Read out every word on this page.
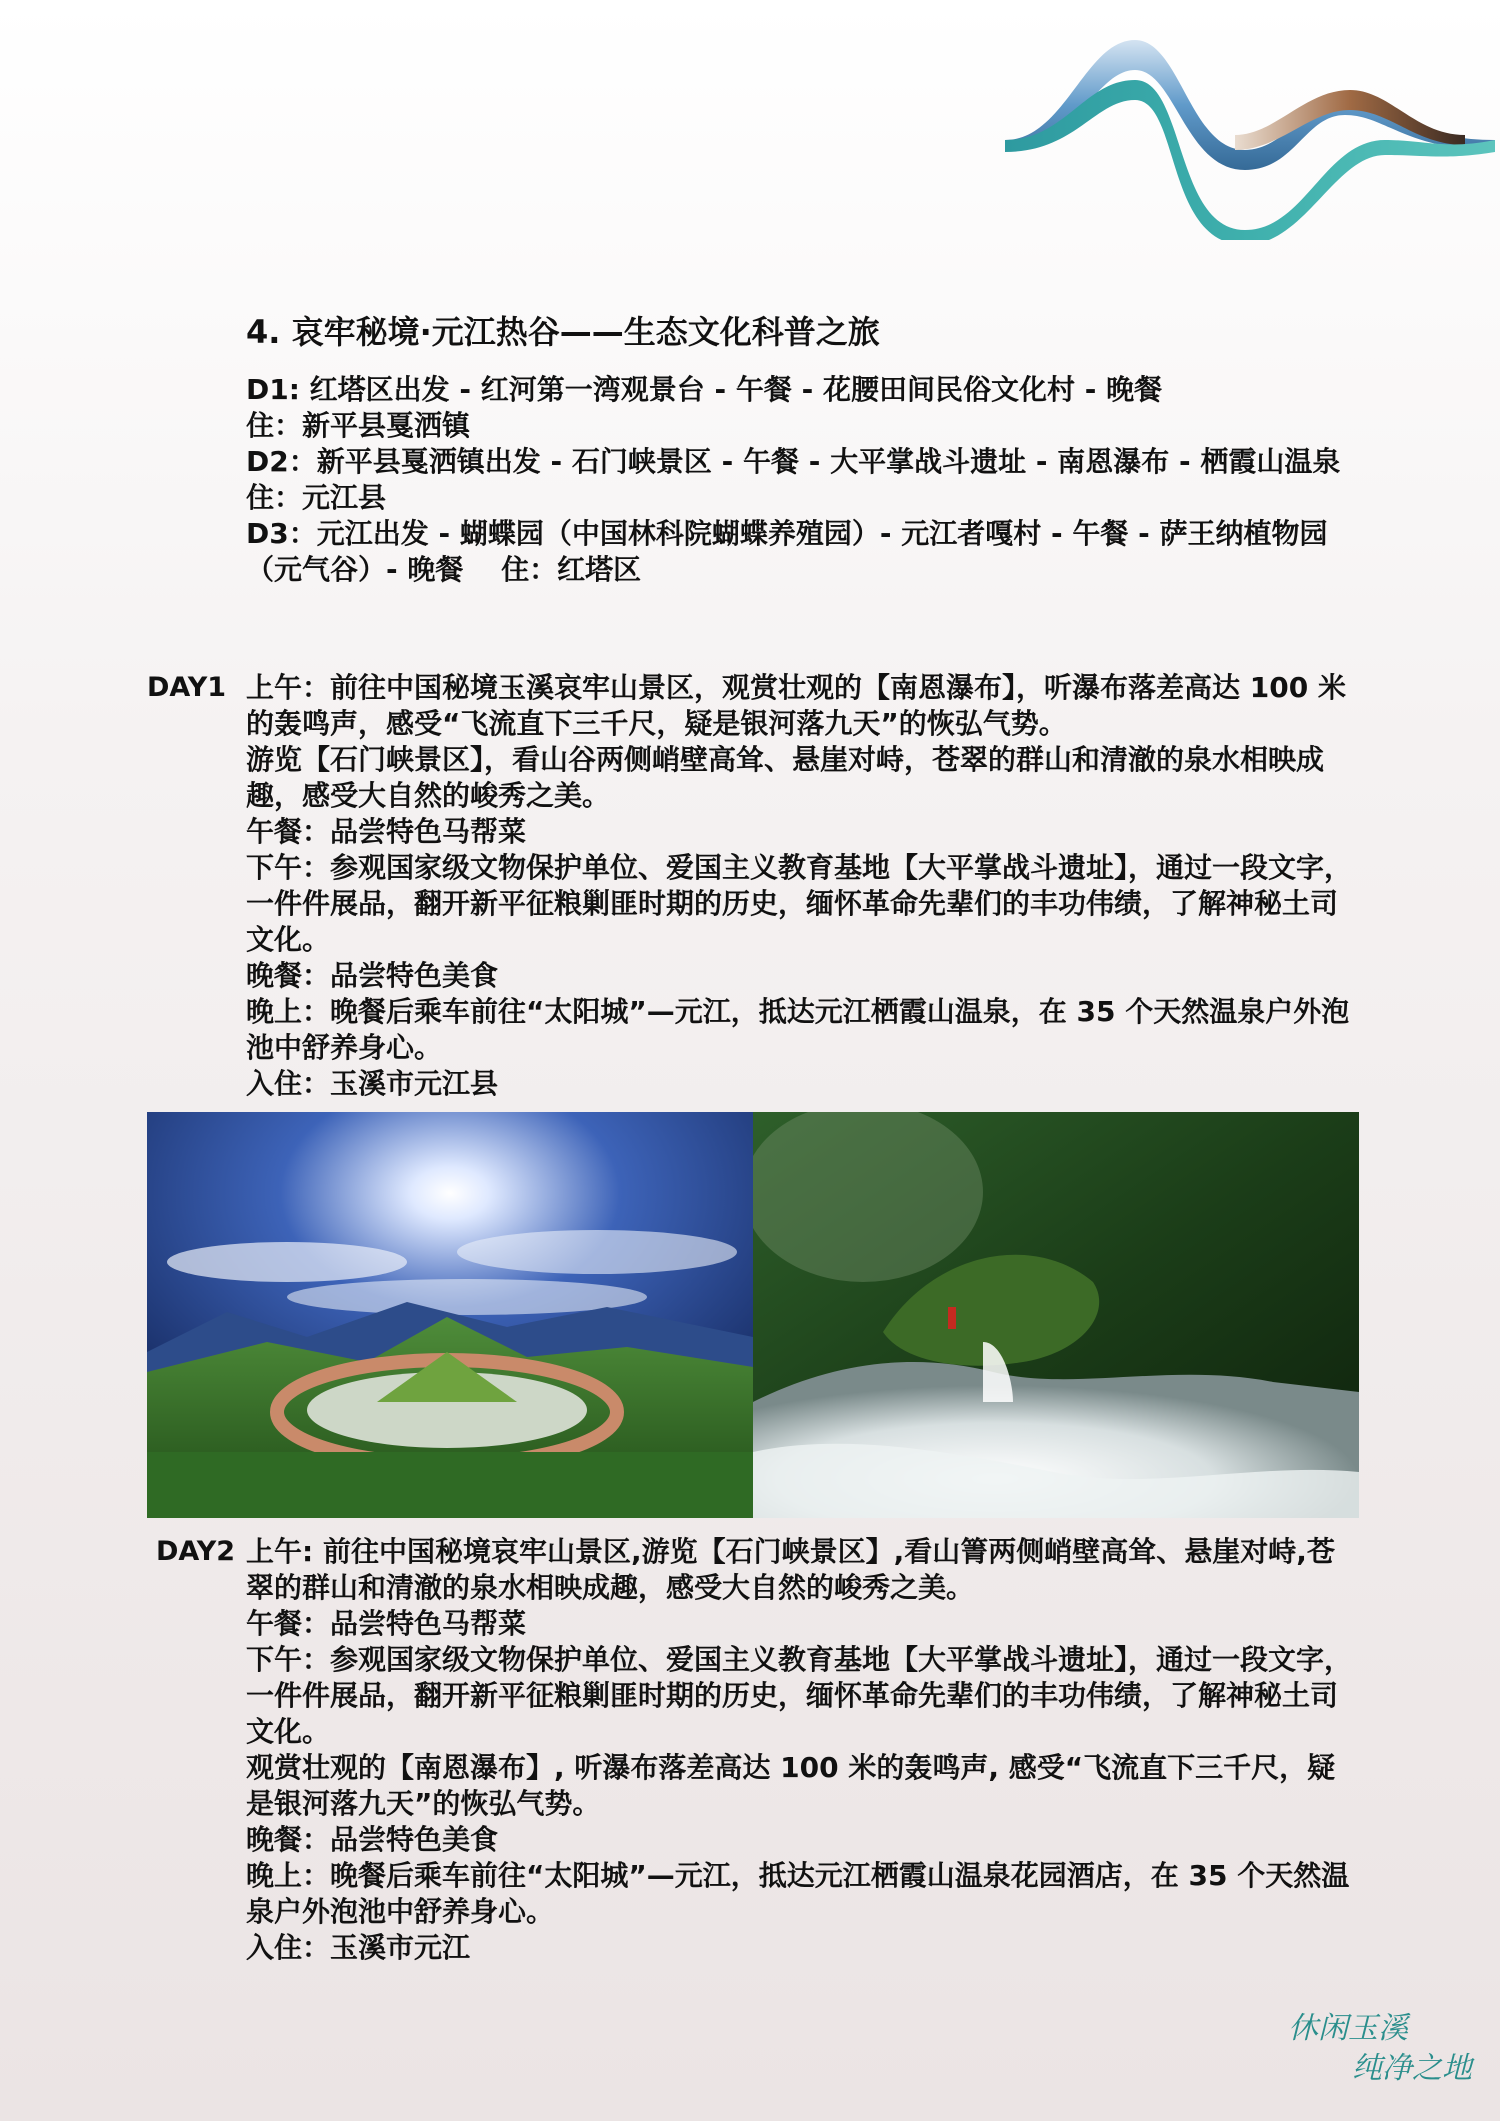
4. 哀牢秘境·元江热谷——生态文化科普之旅

D1: 红塔区出发 - 红河第一湾观景台 - 午餐 - 花腰田间民俗文化村 - 晚餐

住：新平县戛洒镇

D2：新平县戛洒镇出发 - 石门峡景区 - 午餐 - 大平掌战斗遗址 - 南恩瀑布 - 栖霞山温泉住：元江县

D3：元江出发 - 蝴蝶园（中国林科院蝴蝶养殖园）- 元江者嘎村 - 午餐 - 萨王纳植物园（元气谷）- 晚餐　 住：红塔区

DAY1 上午：前往中国秘境玉溪哀牢山景区，观赏壮观的【南恩瀑布】，听瀑布落差高达 100 米的轰鸣声，感受“飞流直下三千尺，疑是银河落九天”的恢弘气势。

游览【石门峡景区】，看山谷两侧峭壁高耸、悬崖对峙，苍翠的群山和清澈的泉水相映成趣，感受大自然的峻秀之美。

午餐：品尝特色马帮菜

下午：参观国家级文物保护单位、爱国主义教育基地【大平掌战斗遗址】，通过一段文字，一件件展品，翻开新平征粮剿匪时期的历史，缅怀革命先辈们的丰功伟绩，了解神秘土司文化。

晚餐：品尝特色美食

晚上：晚餐后乘车前往“太阳城”—元江，抵达元江栖霞山温泉，在 35 个天然温泉户外泡池中舒养身心。

入住：玉溪市元江县

DAY2 上午: 前往中国秘境哀牢山景区,游览【石门峡景区】,看山箐两侧峭壁高耸、悬崖对峙,苍翠的群山和清澈的泉水相映成趣，感受大自然的峻秀之美。

午餐：品尝特色马帮菜

下午：参观国家级文物保护单位、爱国主义教育基地【大平掌战斗遗址】，通过一段文字，一件件展品，翻开新平征粮剿匪时期的历史，缅怀革命先辈们的丰功伟绩，了解神秘土司文化。

观赏壮观的【南恩瀑布】, 听瀑布落差高达 100 米的轰鸣声, 感受“飞流直下三千尺，疑是银河落九天”的恢弘气势。

晚餐：品尝特色美食

晚上：晚餐后乘车前往“太阳城”—元江，抵达元江栖霞山温泉花园酒店，在 35 个天然温泉户外泡池中舒养身心。

入住：玉溪市元江

休闲玉溪
纯净之地
